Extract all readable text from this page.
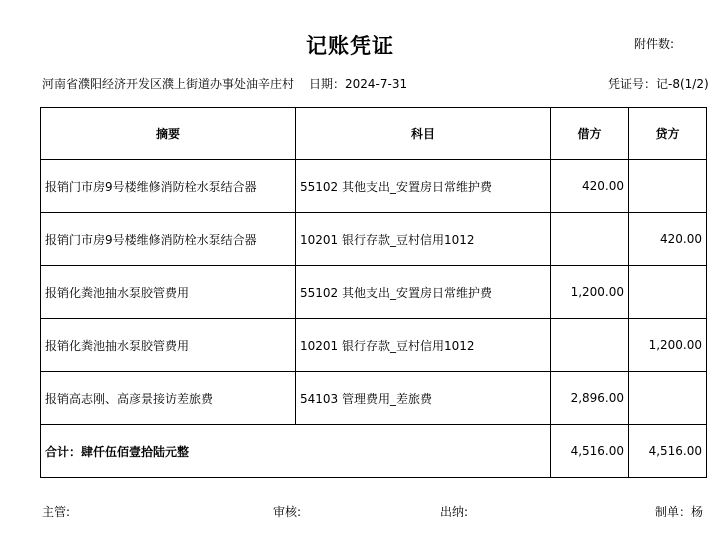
记账凭证	附件数:
河南省濮阳经济开发区濮上街道办事处油辛庄村 日期：2024-7-31	凭证号：记-8(1/2)
摘要	科目	借方	贷方
报销门市房9号楼维修消防栓水泵结合器	55102 其他支出_安置房日常维护费	420.00	
报销门市房9号楼维修消防栓水泵结合器	10201 银行存款_豆村信用1012		420.00
报销化粪池抽水泵胶管费用	55102 其他支出_安置房日常维护费	1,200.00	
报销化粪池抽水泵胶管费用	10201 银行存款_豆村信用1012		1,200.00
报销高志刚、高彦景接访差旅费	54103 管理费用_差旅费	2,896.00	
合计：肆仟伍佰壹拾陆元整		4,516.00	4,516.00
主管:	审核:	出纳:	制单：杨
